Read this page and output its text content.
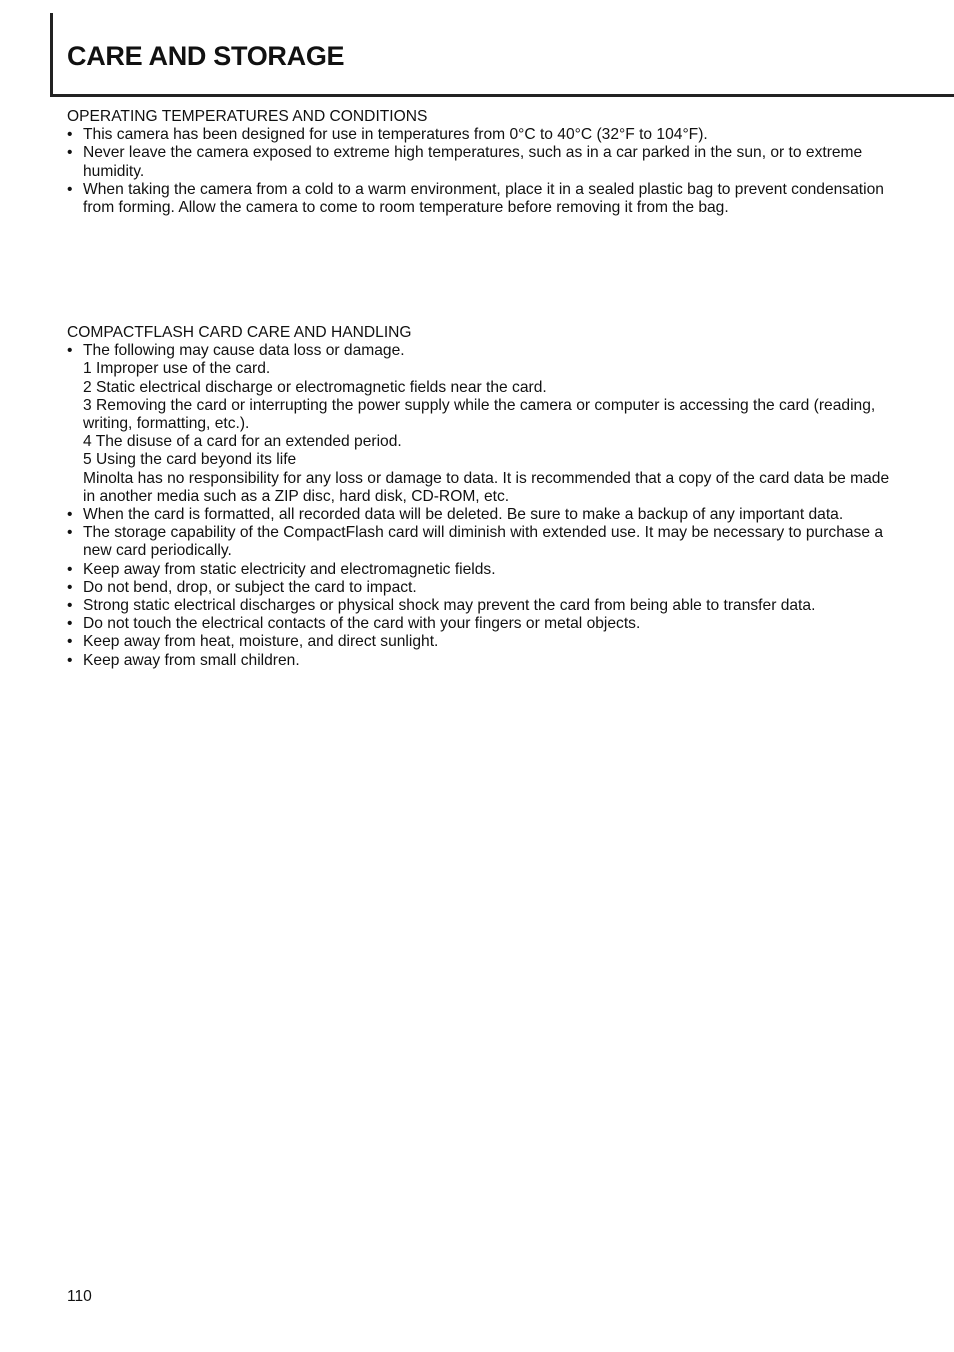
CARE AND STORAGE
OPERATING TEMPERATURES AND CONDITIONS
• This camera has been designed for use in temperatures from 0°C to 40°C (32°F to 104°F).
• Never leave the camera exposed to extreme high temperatures, such as in a car parked in the sun, or to extreme humidity.
• When taking the camera from a cold to a warm environment, place it in a sealed plastic bag to prevent condensation from forming. Allow the camera to come to room temperature before removing it from the bag.
COMPACTFLASH CARD CARE AND HANDLING
• The following may cause data loss or damage.
1 Improper use of the card.
2 Static electrical discharge or electromagnetic fields near the card.
3 Removing the card or interrupting the power supply while the camera or computer is accessing the card (reading, writing, formatting, etc.).
4 The disuse of a card for an extended period.
5 Using the card beyond its life
Minolta has no responsibility for any loss or damage to data. It is recommended that a copy of the card data be made in another media such as a ZIP disc, hard disk, CD-ROM, etc.
• When the card is formatted, all recorded data will be deleted. Be sure to make a backup of any important data.
• The storage capability of the CompactFlash card will diminish with extended use. It may be necessary to purchase a new card periodically.
• Keep away from static electricity and electromagnetic fields.
• Do not bend, drop, or subject the card to impact.
• Strong static electrical discharges or physical shock may prevent the card from being able to transfer data.
• Do not touch the electrical contacts of the card with your fingers or metal objects.
• Keep away from heat, moisture, and direct sunlight.
• Keep away from small children.
110
